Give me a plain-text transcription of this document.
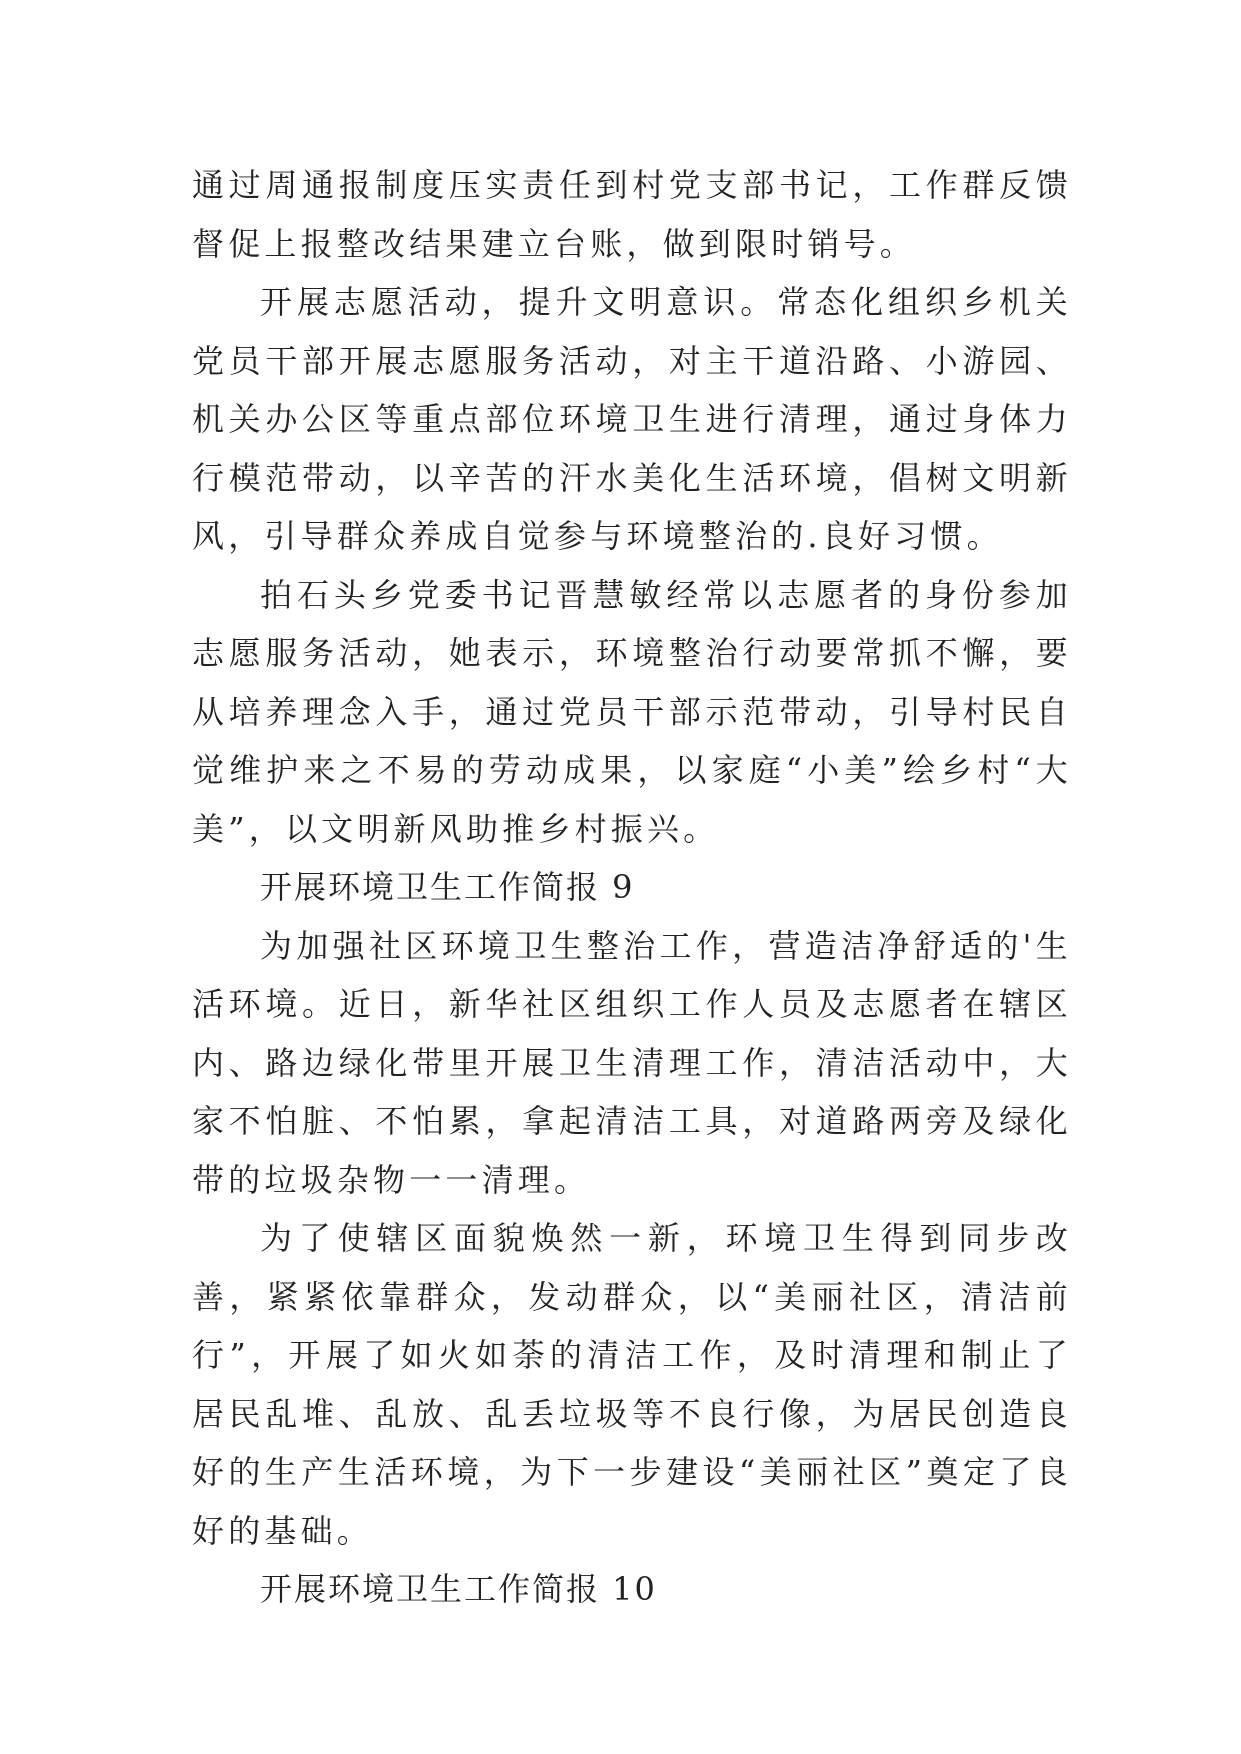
通过周通报制度压实责任到村党支部书记，工作群反馈督促上报整改结果建立台账，做到限时销号。

开展志愿活动，提升文明意识。常态化组织乡机关党员干部开展志愿服务活动，对主干道沿路、小游园、机关办公区等重点部位环境卫生进行清理，通过身体力行模范带动，以辛苦的汗水美化生活环境，倡树文明新风，引导群众养成自觉参与环境整治的.良好习惯。

拍石头乡党委书记晋慧敏经常以志愿者的身份参加志愿服务活动，她表示，环境整治行动要常抓不懈，要从培养理念入手，通过党员干部示范带动，引导村民自觉维护来之不易的劳动成果，以家庭“小美”绘乡村“大美”，以文明新风助推乡村振兴。

开展环境卫生工作简报 9

为加强社区环境卫生整治工作，营造洁净舒适的'生活环境。近日，新华社区组织工作人员及志愿者在辖区内、路边绿化带里开展卫生清理工作，清洁活动中，大家不怕脏、不怕累，拿起清洁工具，对道路两旁及绿化带的垃圾杂物一一清理。

为了使辖区面貌焕然一新，环境卫生得到同步改善，紧紧依靠群众，发动群众，以“美丽社区，清洁前行”，开展了如火如荼的清洁工作，及时清理和制止了居民乱堆、乱放、乱丢垃圾等不良行像，为居民创造良好的生产生活环境，为下一步建设“美丽社区”奠定了良好的基础。

开展环境卫生工作简报 10
